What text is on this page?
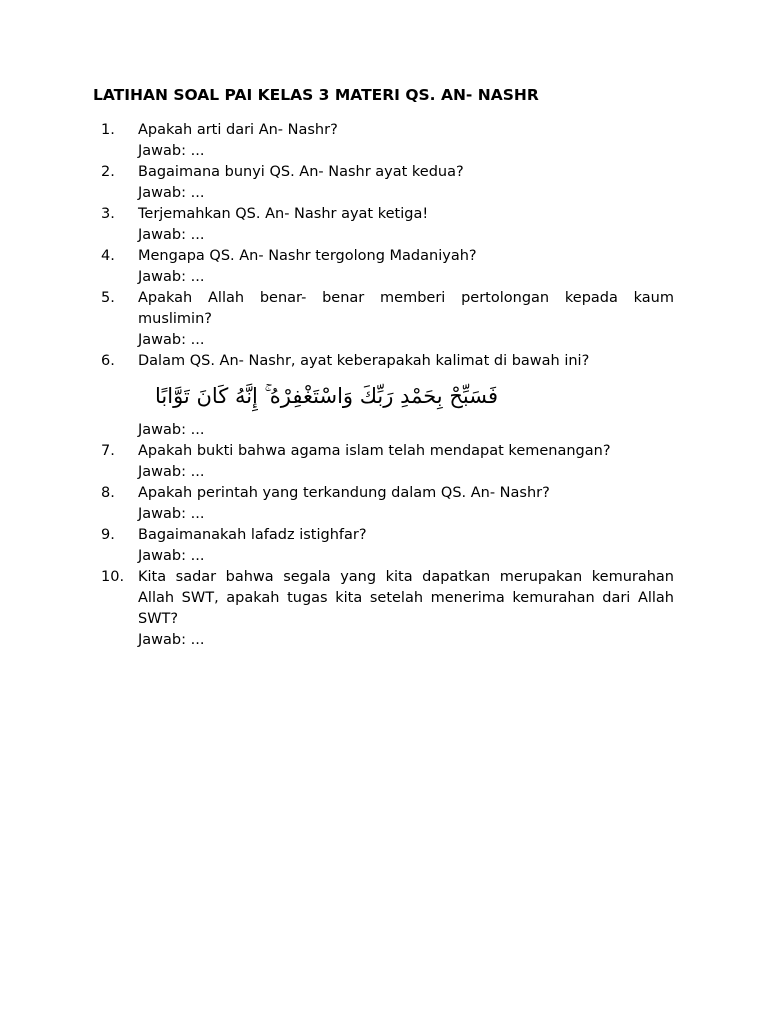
LATIHAN SOAL PAI KELAS 3 MATERI QS. AN- NASHR
1.	Apakah arti dari An- Nashr?
Jawab: ...
2.	Bagaimana bunyi QS. An- Nashr ayat kedua?
Jawab: ...
3.	Terjemahkan QS. An- Nashr ayat ketiga!
Jawab: ...
4.	Mengapa QS. An- Nashr tergolong Madaniyah?
Jawab: ...
5.	Apakah Allah benar- benar memberi pertolongan kepada kaum muslimin?
Jawab: ...
6.	Dalam QS. An- Nashr, ayat keberapakah kalimat di bawah ini?
فَسَبِّحْ بِحَمْدِ رَبِّكَ وَاسْتَغْفِرْهُ ۚ إِنَّهُ كَانَ تَوَّابًا
Jawab: ...
7.	Apakah bukti bahwa agama islam telah mendapat kemenangan?
Jawab: ...
8.	Apakah perintah yang terkandung dalam QS. An- Nashr?
Jawab: ...
9.	Bagaimanakah lafadz istighfar?
Jawab: ...
10. Kita sadar bahwa segala yang kita dapatkan merupakan kemurahan Allah SWT, apakah tugas kita setelah menerima kemurahan dari Allah SWT?
Jawab: ...
